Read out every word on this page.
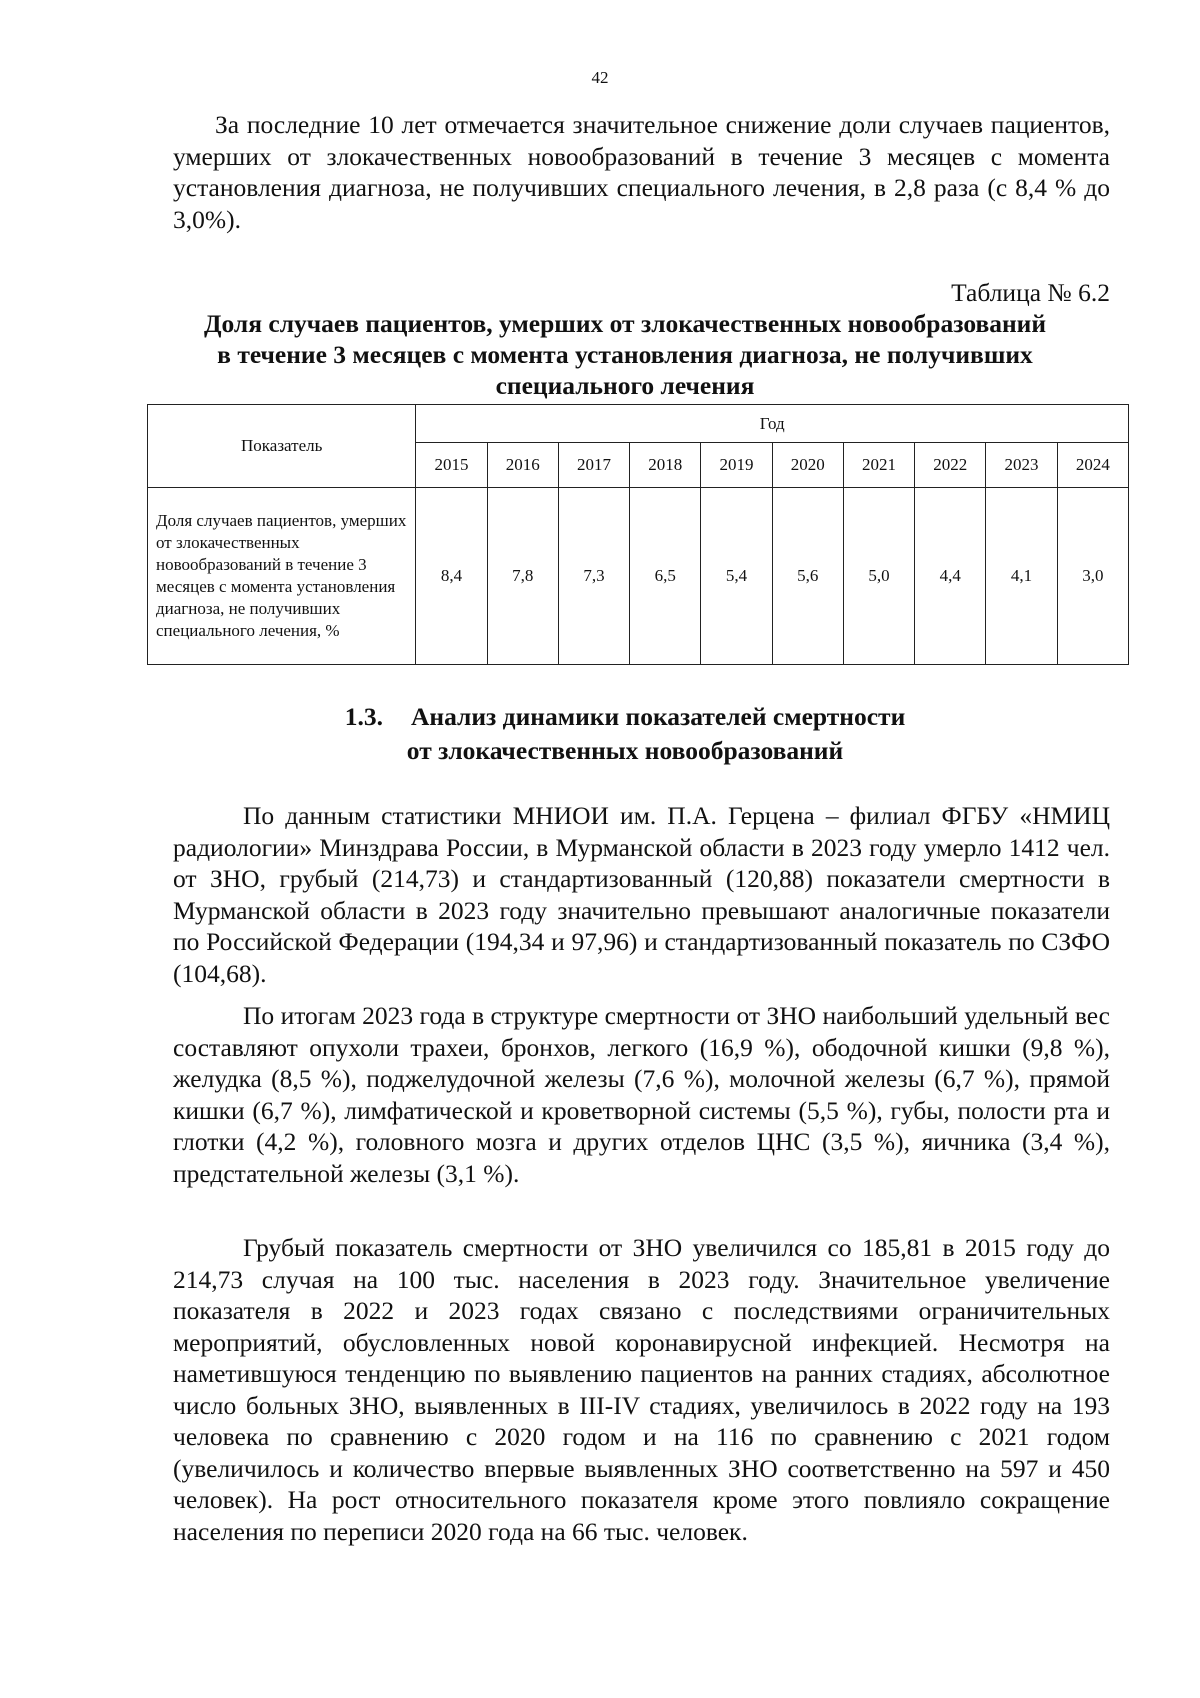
42

За последние 10 лет отмечается значительное снижение доли случаев пациентов, умерших от злокачественных новообразований в течение 3 месяцев с момента установления диагноза, не получивших специального лечения, в 2,8 раза (с 8,4 % до 3,0%).

Таблица № 6.2
Доля случаев пациентов, умерших от злокачественных новообразований
в течение 3 месяцев с момента установления диагноза, не получивших
специального лечения
Показатель	Год									
	2015	2016	2017	2018	2019	2020	2021	2022	2023	2024
Доля случаев пациентов, умерших от злокачественных новообразований в течение 3 месяцев с момента установления диагноза, не получивших специального лечения, %	8,4	7,8	7,3	6,5	5,4	5,6	5,0	4,4	4,1	3,0
1.3. Анализ динамики показателей смертности
от злокачественных новообразований

По данным статистики МНИОИ им. П.А. Герцена – филиал ФГБУ «НМИЦ радиологии» Минздрава России, в Мурманской области в 2023 году умерло 1412 чел. от ЗНО, грубый (214,73) и стандартизованный (120,88) показатели смертности в Мурманской области в 2023 году значительно превышают аналогичные показатели по Российской Федерации (194,34 и 97,96) и стандартизованный показатель по СЗФО (104,68).

По итогам 2023 года в структуре смертности от ЗНО наибольший удельный вес составляют опухоли трахеи, бронхов, легкого (16,9 %), ободочной кишки (9,8 %), желудка (8,5 %), поджелудочной железы (7,6 %), молочной железы (6,7 %), прямой кишки (6,7 %), лимфатической и кроветворной системы (5,5 %), губы, полости рта и глотки (4,2 %), головного мозга и других отделов ЦНС (3,5 %), яичника (3,4 %), предстательной железы (3,1 %).

Грубый показатель смертности от ЗНО увеличился со 185,81 в 2015 году до 214,73 случая на 100 тыс. населения в 2023 году. Значительное увеличение показателя в 2022 и 2023 годах связано с последствиями ограничительных мероприятий, обусловленных новой коронавирусной инфекцией. Несмотря на наметившуюся тенденцию по выявлению пациентов на ранних стадиях, абсолютное число больных ЗНО, выявленных в III-IV стадиях, увеличилось в 2022 году на 193 человека по сравнению с 2020 годом и на 116 по сравнению с 2021 годом (увеличилось и количество впервые выявленных ЗНО соответственно на 597 и 450 человек). На рост относительного показателя кроме этого повлияло сокращение населения по переписи 2020 года на 66 тыс. человек.
